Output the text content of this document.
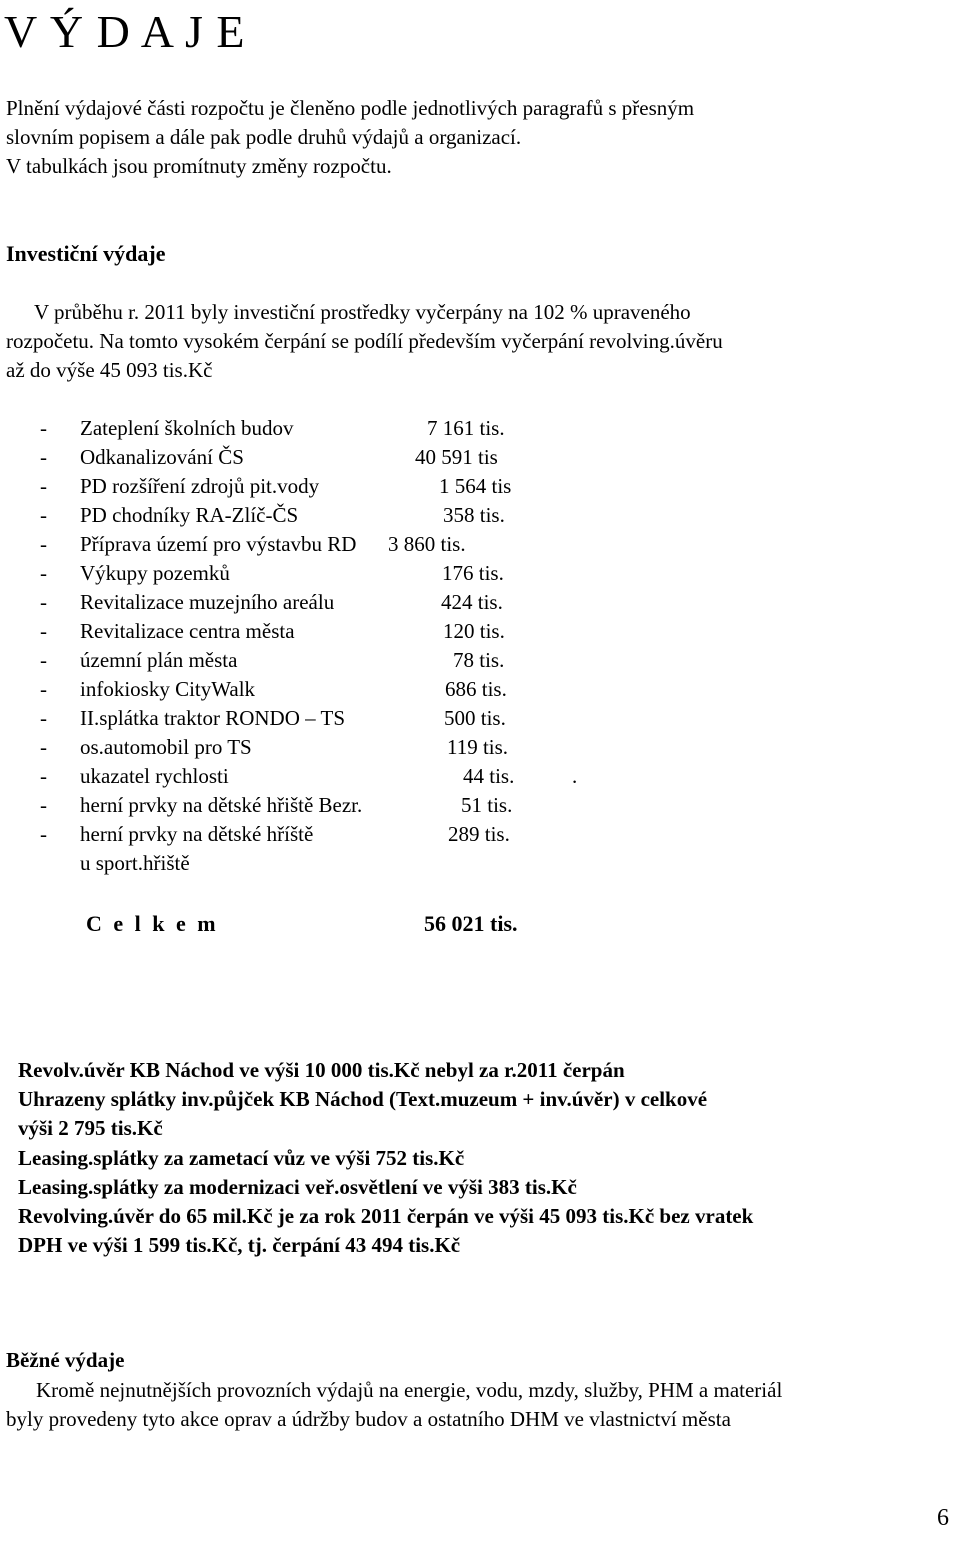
V Ý D A J E
Plnění výdajové části rozpočtu je členěno podle jednotlivých paragrafů s přesným
slovním popisem a dále pak podle druhů výdajů a organizací.
V tabulkách jsou promítnuty změny rozpočtu.
Investiční výdaje
V průběhu r. 2011 byly investiční prostředky vyčerpány na 102 % upraveného
rozpočetu. Na tomto vysokém čerpání se podílí především vyčerpání revolving.úvěru
až do výše 45 093 tis.Kč
- Zateplení školních budov	7 161 tis.
- Odkanalizování ČS	40 591 tis
- PD rozšíření zdrojů pit.vody	1 564 tis
- PD chodníky RA-Zlíč-ČS	358 tis.
- Příprava území pro výstavbu RD 3 860 tis.
- Výkupy pozemků	176 tis.
- Revitalizace muzejního areálu	424 tis.
- Revitalizace centra města	120 tis.
- územní plán města	78 tis.
- infokiosky CityWalk	686 tis.
- II.splátka traktor RONDO – TS	500 tis.
- os.automobil pro TS	119 tis.
- ukazatel rychlosti	44 tis.	.
- herní prvky na dětské hřiště Bezr.	51 tis.
- herní prvky na dětské hříště	289 tis.
u sport.hřiště
C e l k e m	56 021 tis.
Revolv.úvěr KB Náchod ve výši 10 000 tis.Kč nebyl za r.2011 čerpán
Uhrazeny splátky inv.půjček KB Náchod (Text.muzeum + inv.úvěr) v celkové
výši 2 795 tis.Kč
Leasing.splátky za zametací vůz ve výši 752 tis.Kč
Leasing.splátky za modernizaci veř.osvětlení ve výši 383 tis.Kč
Revolving.úvěr do 65 mil.Kč je za rok 2011 čerpán ve výši 45 093 tis.Kč bez vratek
DPH ve výši 1 599 tis.Kč, tj. čerpání 43 494 tis.Kč
Běžné výdaje
Kromě nejnutnějších provozních výdajů na energie, vodu, mzdy, služby, PHM a materiál
byly provedeny tyto akce oprav a údržby budov a ostatního DHM ve vlastnictví města
6
